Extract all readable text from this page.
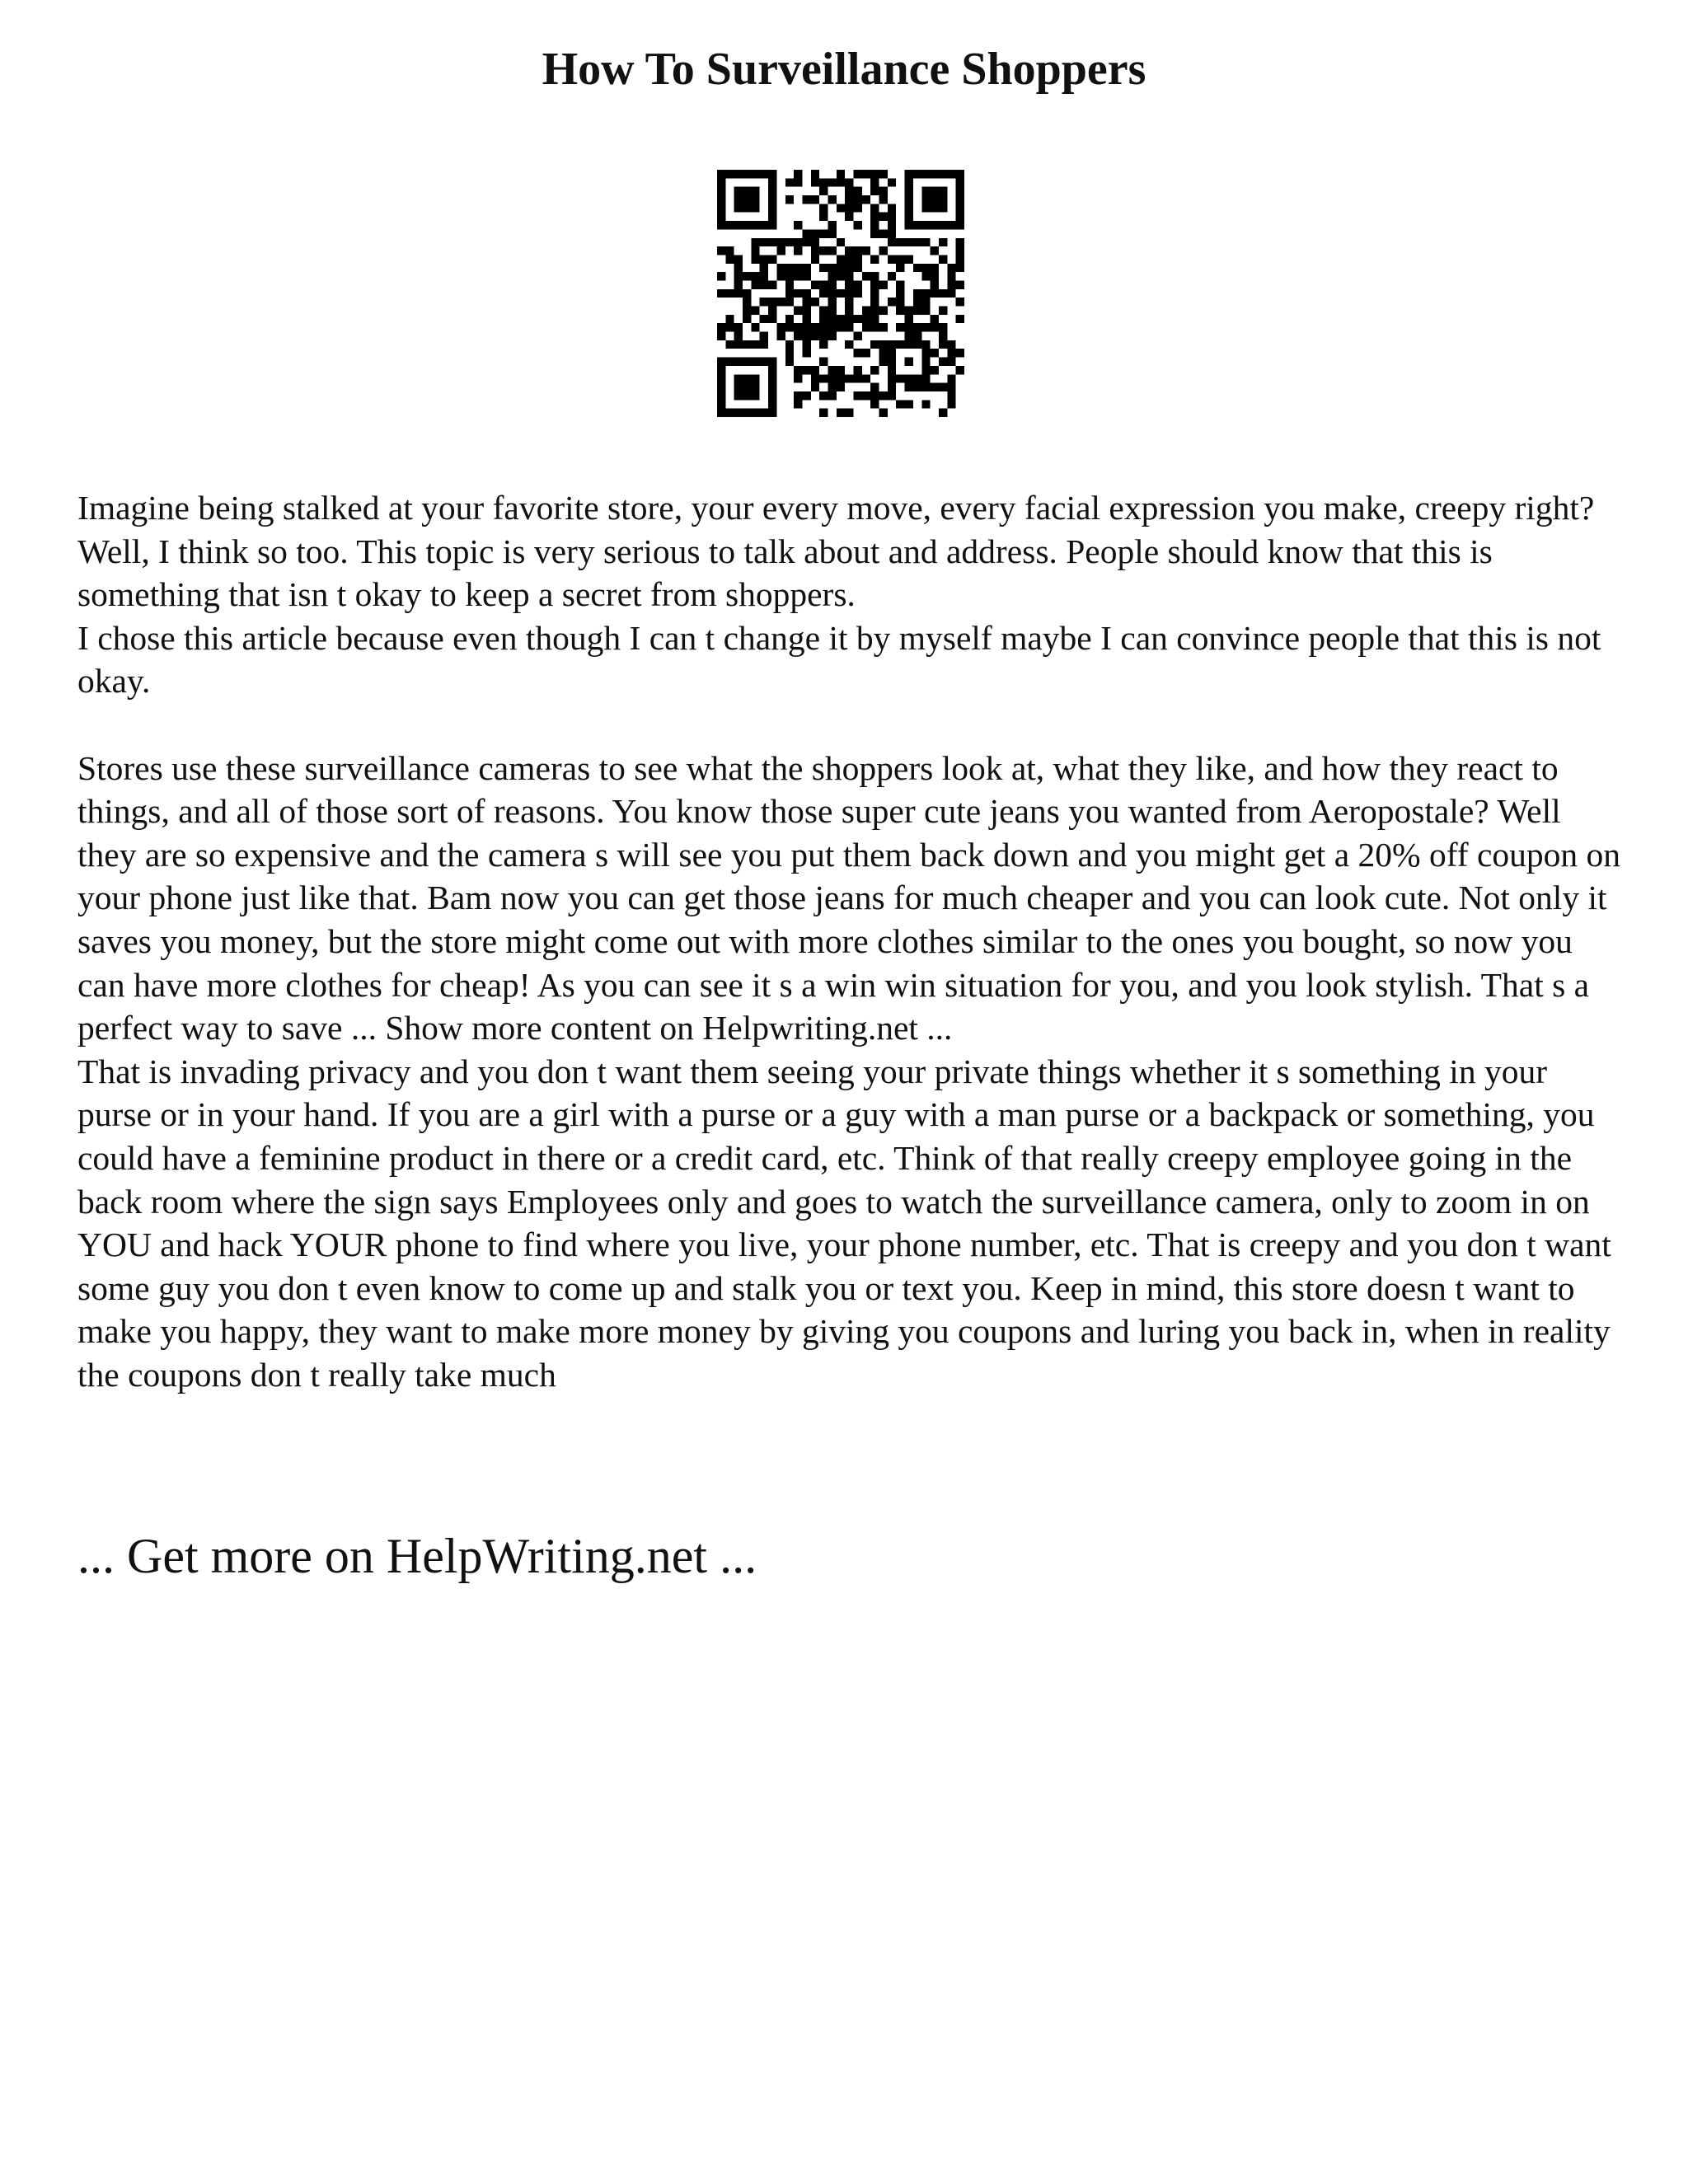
How To Surveillance Shoppers

Imagine being stalked at your favorite store, your every move, every facial expression you make, creepy right? Well, I think so too. This topic is very serious to talk about and address. People should know that this is something that isn t okay to keep a secret from shoppers.

I chose this article because even though I can t change it by myself maybe I can convince people that this is not okay.

Stores use these surveillance cameras to see what the shoppers look at, what they like, and how they react to things, and all of those sort of reasons. You know those super cute jeans you wanted from Aeropostale? Well they are so expensive and the camera s will see you put them back down and you might get a 20% off coupon on your phone just like that. Bam now you can get those jeans for much cheaper and you can look cute. Not only it saves you money, but the store might come out with more clothes similar to the ones you bought, so now you can have more clothes for cheap! As you can see it s a win win situation for you, and you look stylish. That s a perfect way to save ... Show more content on Helpwriting.net ...

That is invading privacy and you don t want them seeing your private things whether it s something in your purse or in your hand. If you are a girl with a purse or a guy with a man purse or a backpack or something, you could have a feminine product in there or a credit card, etc. Think of that really creepy employee going in the back room where the sign says Employees only and goes to watch the surveillance camera, only to zoom in on YOU and hack YOUR phone to find where you live, your phone number, etc. That is creepy and you don t want some guy you don t even know to come up and stalk you or text you. Keep in mind, this store doesn t want to make you happy, they want to make more money by giving you coupons and luring you back in, when in reality the coupons don t really take much

... Get more on HelpWriting.net ...
